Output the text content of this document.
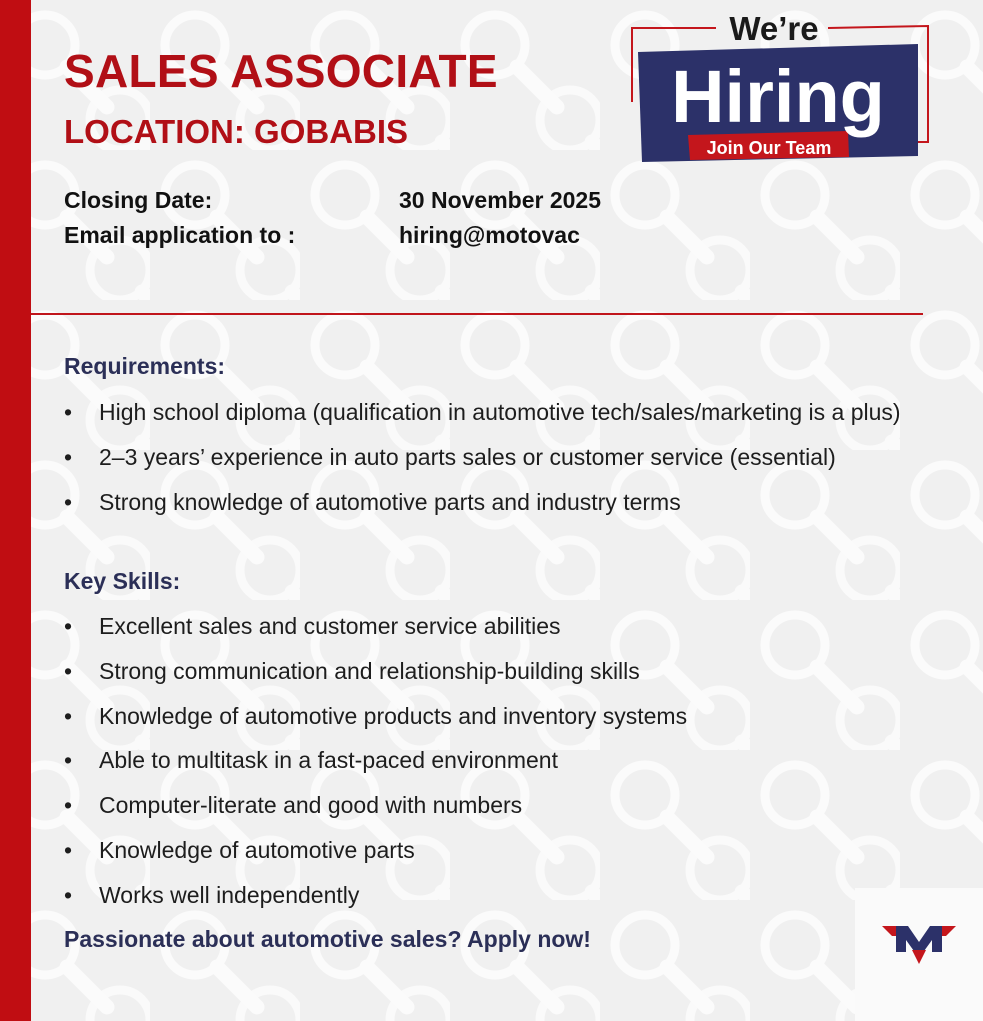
SALES ASSOCIATE
LOCATION: GOBABIS
Closing Date:	30 November 2025
Email application to :	hiring@motovac
We’re
Hiring
Join Our Team
Requirements:
• High school diploma (qualification in automotive tech/sales/marketing is a plus)
• 2–3 years’ experience in auto parts sales or customer service (essential)
• Strong knowledge of automotive parts and industry terms
Key Skills:
• Excellent sales and customer service abilities
• Strong communication and relationship-building skills
• Knowledge of automotive products and inventory systems
• Able to multitask in a fast-paced environment
• Computer-literate and good with numbers
• Knowledge of automotive parts
• Works well independently

Passionate about automotive sales? Apply now!
